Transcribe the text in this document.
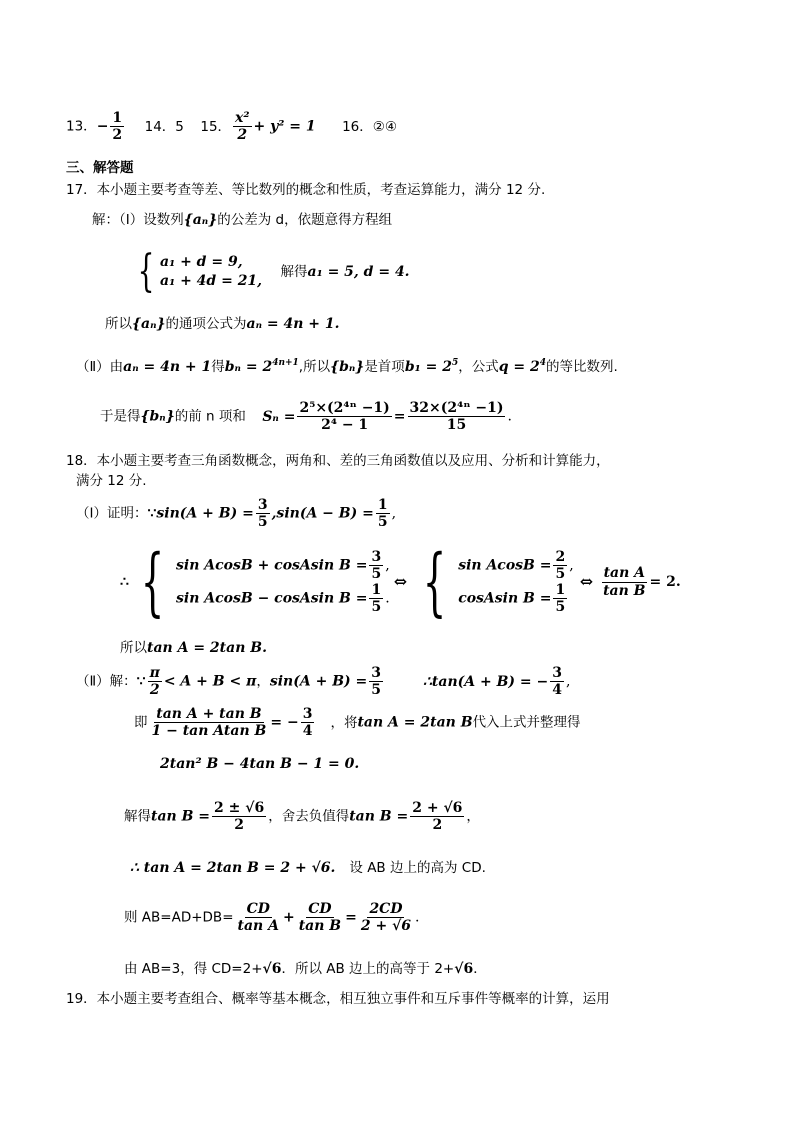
13．− $\frac{1}{2} 14$．5 15． $\frac{\text{x²}}{2} + y^2 = 1$ 16．②④
三、解答题
17．本小题主要考查等差、等比数列的概念和性质，考查运算能力，满分 12 分.
解：（Ⅰ）设数列{aₙ}的公差为 d，依题意得方程组
{ a₁ + d = 9,
a₁ + 4d = 21,
解得a₁ = 5, d = 4.
所以{aₙ}的通项公式为aₙ = 4n + 1.
（Ⅱ）由aₙ = 4n + 1得$b_n = 2^{4n+1}$,所以{bₙ}是首项$b_1 = 2^5$，公式$q = 2^4$的等比数列.
于是得{bₙ}的前 n 项和 $S_n = \frac{\text{2⁵×(2⁴ⁿ −1)}}{\text{2⁴ − 1}} = \frac{\text{32×(2⁴ⁿ −1)}}{15}$ .
18．本小题主要考查三角函数概念，两角和、差的三角函数值以及应用、分析和计算能力，
满分 12 分.
（Ⅰ）证明：∵sin(A + $B) = \frac{3}{5} ,\sin(A - B) = \frac{1}{5}$ ,
∴ { sin AcosB + cosAsin $B = \frac{3}{5}$ ,
sin AcosB − cosAsin $B = \frac{1}{5}$ .
⇔ { $\sin AcosB = \frac{2}{5}$ ,
cosAsin $B = \frac{1}{5}$
⇔ $\frac{\text{tan A}}{\text{tan B}} = 2$.
所以tan A = 2tan B.
（Ⅱ）解：∵ $\frac{\pi}{2} < A + B < \pi$，$\sin(A + B) = \frac{3}{5}$	∴tan(A + B) = − $\frac{3}{4}$ ,
即 $\frac{\text{tan A + tan B}}{\text{1 − tan Atan B}}$ = − $\frac{3}{4}$ ，将tan A = 2tan B代入上式并整理得
2tan² B − 4tan B − 1 = 0.
解得$\tan B = \frac{2 \pm √6}{2}$ ，舍去负值得$\tan B = \frac{2 + √6}{2}$ ，
∴ tan A = 2tan B = 2 + √6. 设 AB 边上的高为 CD.
则 $AB=AD+DB= \frac{CD}{\text{tan A}} + \frac{CD}{\text{tan B}} = \frac{2CD}{2 + √6}$ .
由 AB=3，得 CD=2+√6．所以 AB 边上的高等于 2+√6．
19．本小题主要考查组合、概率等基本概念，相互独立事件和互斥事件等概率的计算，运用
